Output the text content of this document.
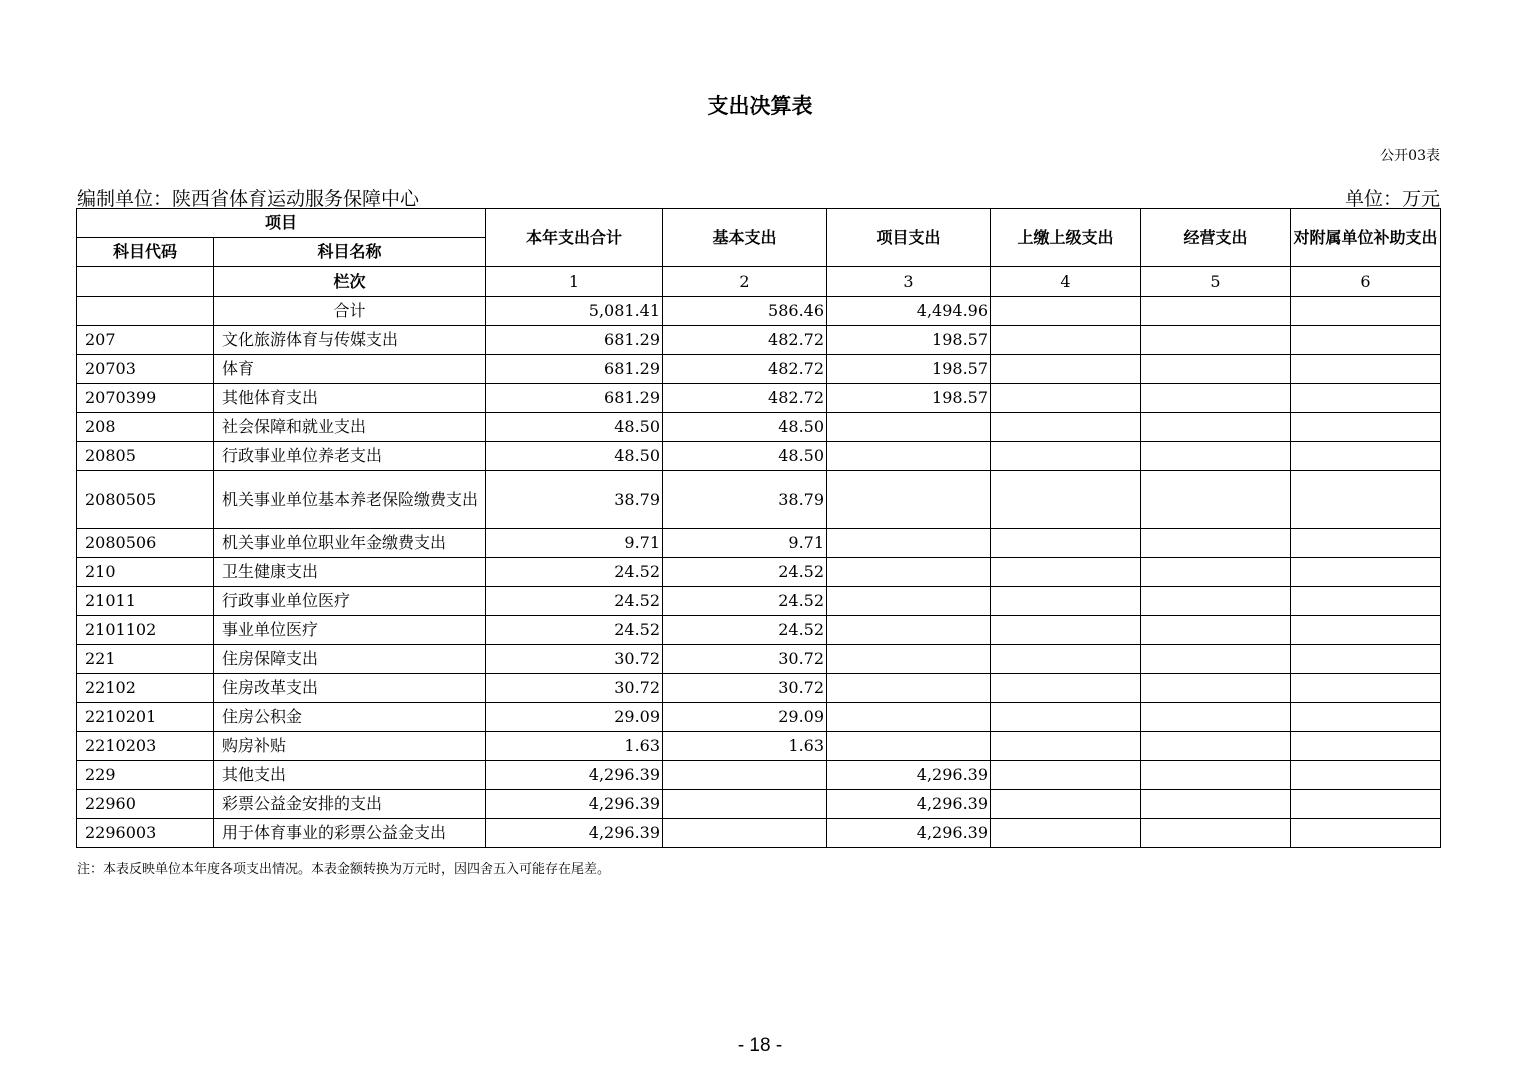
支出决算表
公开03表
编制单位：陕西省体育运动服务保障中心	单位：万元
项目		本年支出合计	基本支出	项目支出	上缴上级支出	经营支出	对附属单位补助支出
科目代码	科目名称						
	栏次	1	2	3	4	5	6
	合计	5,081.41	586.46	4,494.96			
207	文化旅游体育与传媒支出	681.29	482.72	198.57			
20703	体育	681.29	482.72	198.57			
2070399	其他体育支出	681.29	482.72	198.57			
208	社会保障和就业支出	48.50	48.50				
20805	行政事业单位养老支出	48.50	48.50				
2080505	机关事业单位基本养老保险缴费支出	38.79	38.79				
2080506	机关事业单位职业年金缴费支出	9.71	9.71				
210	卫生健康支出	24.52	24.52				
21011	行政事业单位医疗	24.52	24.52				
2101102	事业单位医疗	24.52	24.52				
221	住房保障支出	30.72	30.72				
22102	住房改革支出	30.72	30.72				
2210201	住房公积金	29.09	29.09				
2210203	购房补贴	1.63	1.63				
229	其他支出	4,296.39		4,296.39			
22960	彩票公益金安排的支出	4,296.39		4,296.39			
2296003	用于体育事业的彩票公益金支出	4,296.39		4,296.39			
注：本表反映单位本年度各项支出情况。本表金额转换为万元时，因四舍五入可能存在尾差。
- 18 -
